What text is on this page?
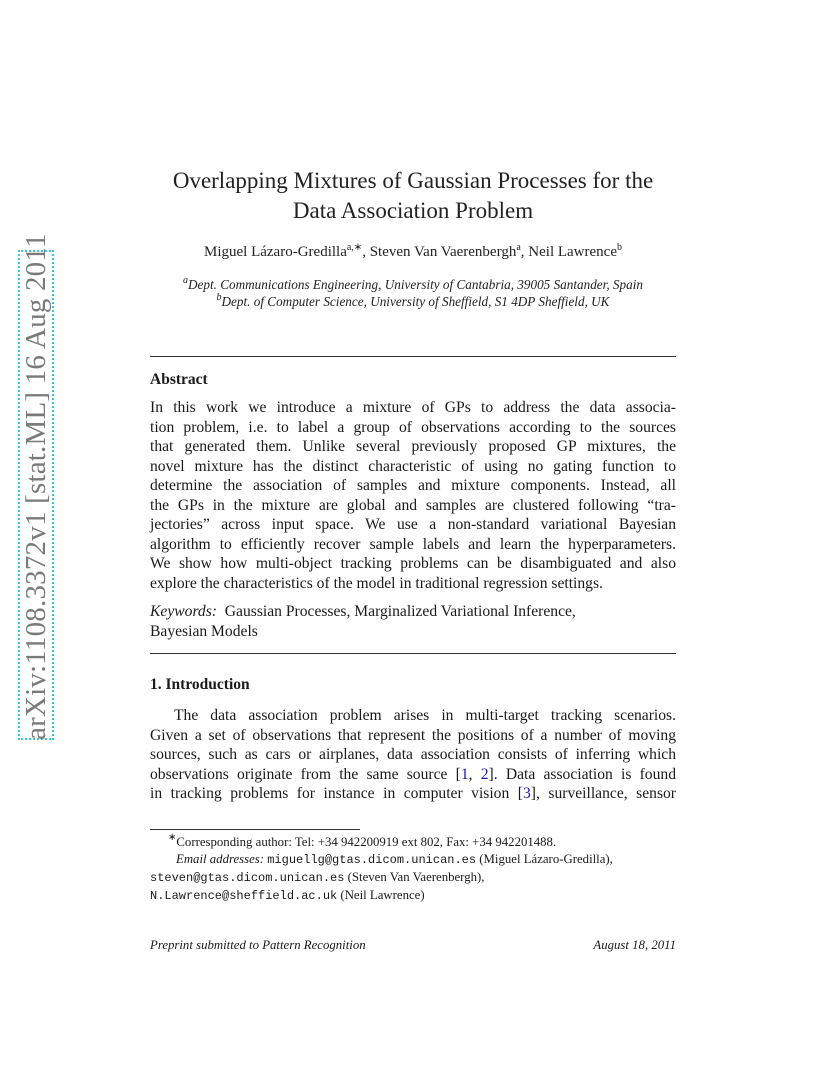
arXiv:1108.3372v1 [stat.ML] 16 Aug 2011
Overlapping Mixtures of Gaussian Processes for the
Data Association Problem
Miguel Lázaro-Gredilla$^{a,∗}$, Steven Van Vaerenbergh$^a$, Neil Lawrence$^b$
$^a$Dept. Communications Engineering, University of Cantabria, 39005 Santander, Spain
$^b$Dept. of Computer Science, University of Sheffield, S1 4DP Sheffield, UK
Abstract
In this work we introduce a mixture of GPs to address the data associa-
tion problem, i.e. to label a group of observations according to the sources
that generated them. Unlike several previously proposed GP mixtures, the
novel mixture has the distinct characteristic of using no gating function to
determine the association of samples and mixture components. Instead, all
the GPs in the mixture are global and samples are clustered following “tra-
jectories” across input space. We use a non-standard variational Bayesian
algorithm to efficiently recover sample labels and learn the hyperparameters.
We show how multi-object tracking problems can be disambiguated and also
explore the characteristics of the model in traditional regression settings.
Keywords: Gaussian Processes, Marginalized Variational Inference,
Bayesian Models
1. Introduction
The data association problem arises in multi-target tracking scenarios.
Given a set of observations that represent the positions of a number of moving
sources, such as cars or airplanes, data association consists of inferring which
observations originate from the same source [1, 2]. Data association is found
in tracking problems for instance in computer vision [3], surveillance, sensor
∗Corresponding author: Tel: +34 942200919 ext 802, Fax: +34 942201488.
Email addresses: miguellg@gtas.dicom.unican.es (Miguel Lázaro-Gredilla),
steven@gtas.dicom.unican.es (Steven Van Vaerenbergh),
N.Lawrence@sheffield.ac.uk (Neil Lawrence)
Preprint submitted to Pattern Recognition	August 18, 2011
